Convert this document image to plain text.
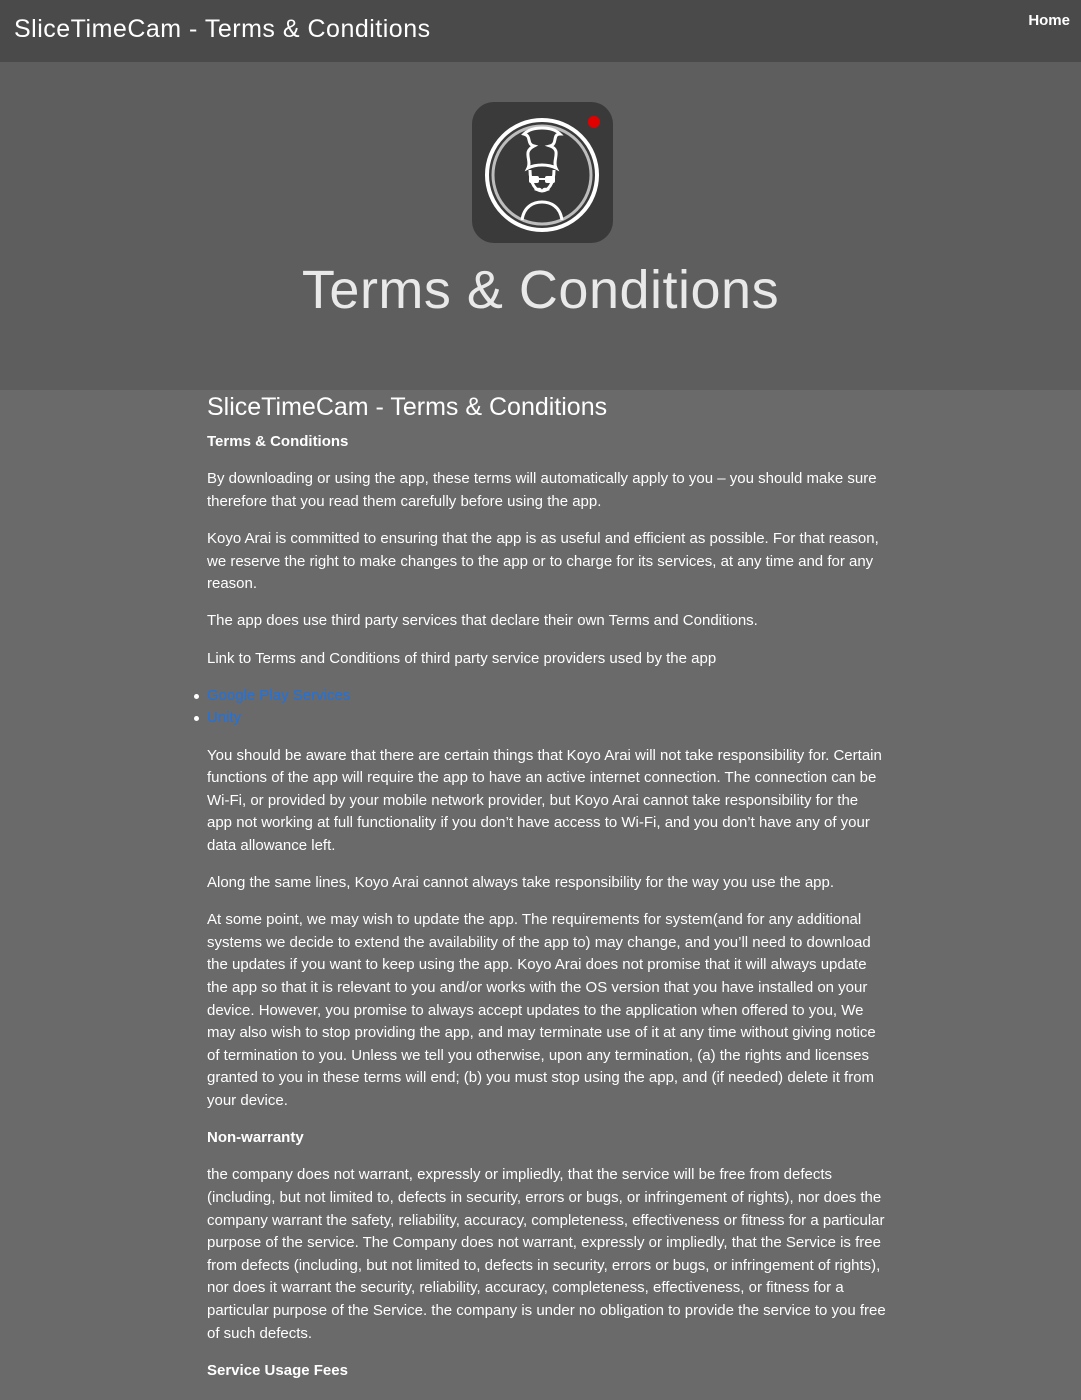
SliceTimeCam - Terms & Conditions	Home
Terms & Conditions
SliceTimeCam - Terms & Conditions

Terms & Conditions

By downloading or using the app, these terms will automatically apply to you – you should make sure therefore that you read them carefully before using the app.

Koyo Arai is committed to ensuring that the app is as useful and efficient as possible. For that reason, we reserve the right to make changes to the app or to charge for its services, at any time and for any reason.

The app does use third party services that declare their own Terms and Conditions.

Link to Terms and Conditions of third party service providers used by the app

Google Play Services
Unity

You should be aware that there are certain things that Koyo Arai will not take responsibility for. Certain functions of the app will require the app to have an active internet connection. The connection can be Wi-Fi, or provided by your mobile network provider, but Koyo Arai cannot take responsibility for the app not working at full functionality if you don’t have access to Wi-Fi, and you don’t have any of your data allowance left.

Along the same lines, Koyo Arai cannot always take responsibility for the way you use the app.

At some point, we may wish to update the app. The requirements for system(and for any additional systems we decide to extend the availability of the app to) may change, and you’ll need to download the updates if you want to keep using the app. Koyo Arai does not promise that it will always update the app so that it is relevant to you and/or works with the OS version that you have installed on your device. However, you promise to always accept updates to the application when offered to you, We may also wish to stop providing the app, and may terminate use of it at any time without giving notice of termination to you. Unless we tell you otherwise, upon any termination, (a) the rights and licenses granted to you in these terms will end; (b) you must stop using the app, and (if needed) delete it from your device.

Non-warranty

the company does not warrant, expressly or impliedly, that the service will be free from defects (including, but not limited to, defects in security, errors or bugs, or infringement of rights), nor does the company warrant the safety, reliability, accuracy, completeness, effectiveness or fitness for a particular purpose of the service. The Company does not warrant, expressly or impliedly, that the Service is free from defects (including, but not limited to, defects in security, errors or bugs, or infringement of rights), nor does it warrant the security, reliability, accuracy, completeness, effectiveness, or fitness for a particular purpose of the Service. the company is under no obligation to provide the service to you free of such defects.

Service Usage Fees
